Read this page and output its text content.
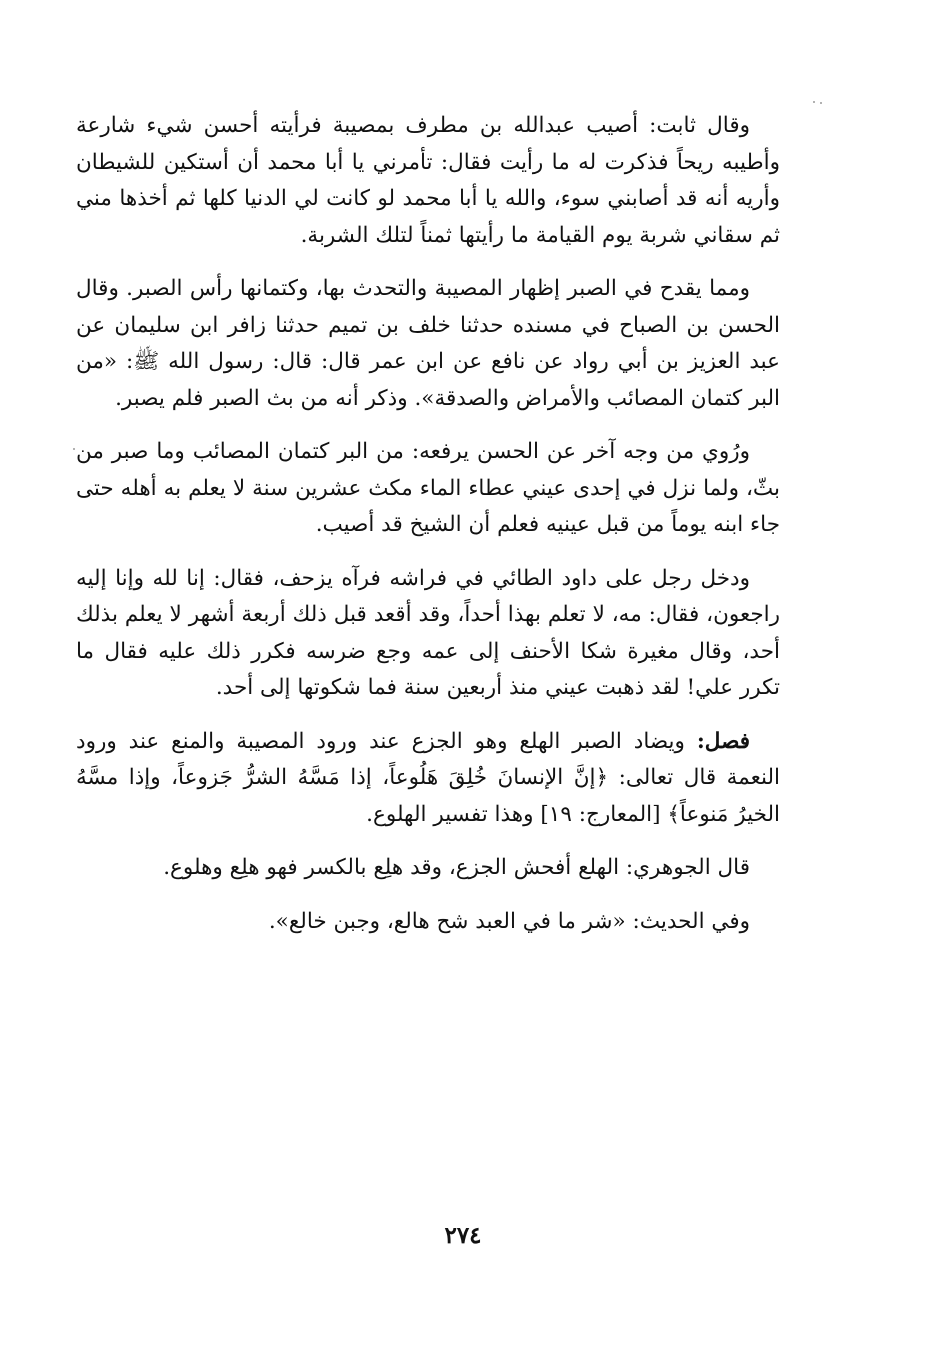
وقال ثابت: أصيب عبدالله بن مطرف بمصيبة فرأيته أحسن شيء شارعة وأطيبه ريحاً فذكرت له ما رأيت فقال: تأمرني يا أبا محمد أن أستكين للشيطان وأريه أنه قد أصابني سوء، والله يا أبا محمد لو كانت لي الدنيا كلها ثم أخذها مني ثم سقاني شربة يوم القيامة ما رأيتها ثمناً لتلك الشربة.

ومما يقدح في الصبر إظهار المصيبة والتحدث بها، وكتمانها رأس الصبر. وقال الحسن بن الصباح في مسنده حدثنا خلف بن تميم حدثنا زافر ابن سليمان عن عبد العزيز بن أبي رواد عن نافع عن ابن عمر قال: قال: رسول الله ﷺ: «من البر كتمان المصائب والأمراض والصدقة». وذكر أنه من بث الصبر فلم يصبر.

ورُوي من وجه آخر عن الحسن يرفعه: من البر كتمان المصائب وما صبر من بثّ، ولما نزل في إحدى عيني عطاء الماء مكث عشرين سنة لا يعلم به أهله حتى جاء ابنه يوماً من قبل عينيه فعلم أن الشيخ قد أصيب.

ودخل رجل على داود الطائي في فراشه فرآه يزحف، فقال: إنا لله وإنا إليه راجعون، فقال: مه، لا تعلم بهذا أحداً، وقد أقعد قبل ذلك أربعة أشهر لا يعلم بذلك أحد، وقال مغيرة شكا الأحنف إلى عمه وجع ضرسه فكرر ذلك عليه فقال ما تكرر علي! لقد ذهبت عيني منذ أربعين سنة فما شكوتها إلى أحد.

فصل: ويضاد الصبر الهلع وهو الجزع عند ورود المصيبة والمنع عند ورود النعمة قال تعالى: ﴿إنَّ الإنسانَ خُلِقَ هَلُوعاً، إذا مَسَّهُ الشرُّ جَزوعاً، وإذا مسَّهُ الخيرُ مَنوعاً﴾ [المعارج: ١٩] وهذا تفسير الهلوع.

قال الجوهري: الهلع أفحش الجزع، وقد هلِع بالكسر فهو هلِع وهلوع.

وفي الحديث: «شر ما في العبد شح هالع، وجبن خالع».

٢٧٤
